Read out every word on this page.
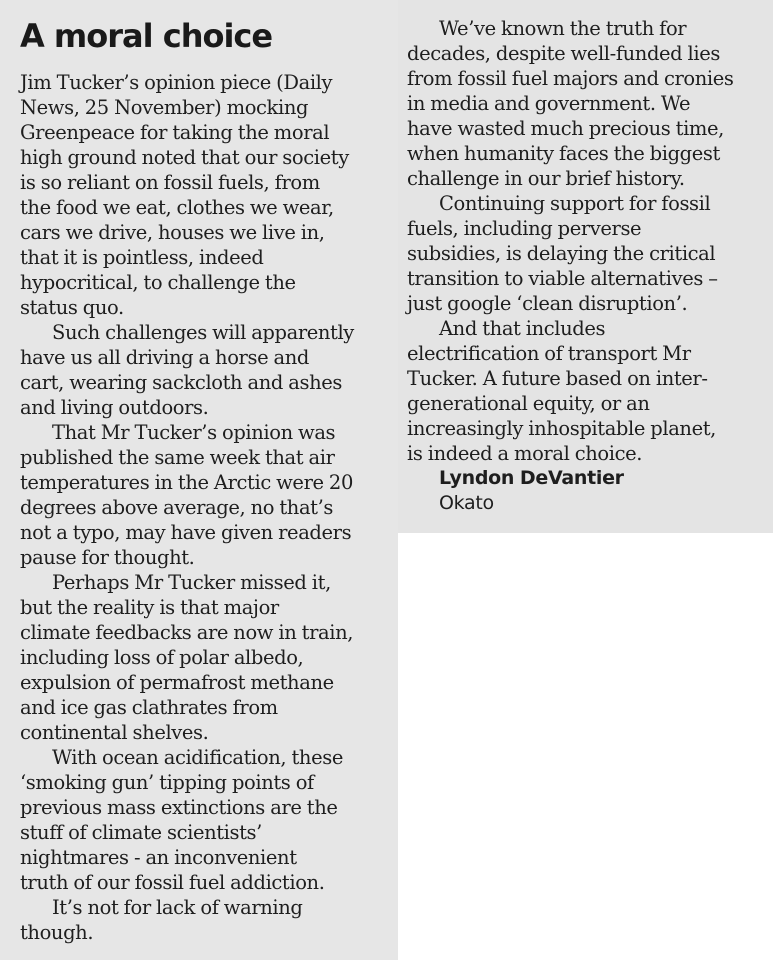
A moral choice
Jim Tucker’s opinion piece (Daily
News, 25 November) mocking
Greenpeace for taking the moral
high ground noted that our society
is so reliant on fossil fuels, from
the food we eat, clothes we wear,
cars we drive, houses we live in,
that it is pointless, indeed
hypocritical, to challenge the
status quo.
Such challenges will apparently
have us all driving a horse and
cart, wearing sackcloth and ashes
and living outdoors.
That Mr Tucker’s opinion was
published the same week that air
temperatures in the Arctic were 20
degrees above average, no that’s
not a typo, may have given readers
pause for thought.
Perhaps Mr Tucker missed it,
but the reality is that major
climate feedbacks are now in train,
including loss of polar albedo,
expulsion of permafrost methane
and ice gas clathrates from
continental shelves.
With ocean acidification, these
‘smoking gun’ tipping points of
previous mass extinctions are the
stuff of climate scientists’
nightmares - an inconvenient
truth of our fossil fuel addiction.
It’s not for lack of warning
though.
We’ve known the truth for
decades, despite well-funded lies
from fossil fuel majors and cronies
in media and government. We
have wasted much precious time,
when humanity faces the biggest
challenge in our brief history.
Continuing support for fossil
fuels, including perverse
subsidies, is delaying the critical
transition to viable alternatives –
just google ‘clean disruption’.
And that includes
electrification of transport Mr
Tucker. A future based on inter-
generational equity, or an
increasingly inhospitable planet,
is indeed a moral choice.
Lyndon DeVantier
Okato
